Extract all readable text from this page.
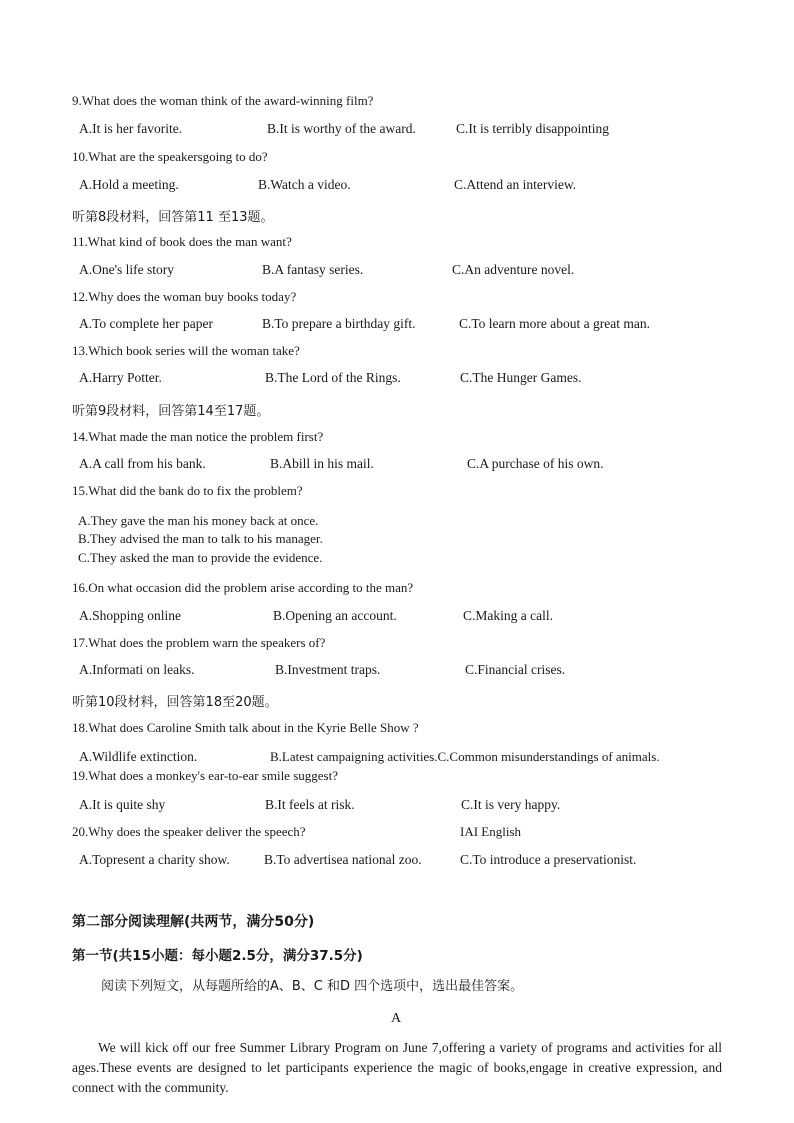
9.What does the woman think of the award-winning film?
A.It is her favorite.	B.It is worthy of the award.	C.It is terribly disappointing
10.What are the speakersgoing to do?
A.Hold a meeting.	B.Watch a video.	C.Attend an interview.
听第8段材料，回答第11 至13题。
11.What kind of book does the man want?
A.One's life story	B.A fantasy series.	C.An adventure novel.
12.Why does the woman buy books today?
A.To complete her paper	B.To prepare a birthday gift.	C.To learn more about a great man.
13.Which book series will the woman take?
A.Harry Potter.	B.The Lord of the Rings.	C.The Hunger Games.
听第9段材料，回答第14至17题。
14.What made the man notice the problem first?
A.A call from his bank.	B.Abill in his mail.	C.A purchase of his own.
15.What did the bank do to fix the problem?
A.They gave the man his money back at once.
B.They advised the man to talk to his manager.
C.They asked the man to provide the evidence.
16.On what occasion did the problem arise according to the man?
A.Shopping online	B.Opening an account.	C.Making a call.
17.What does the problem warn the speakers of?
A.Informati on leaks.	B.Investment traps.	C.Financial crises.
听第10段材料，回答第18至20题。
18.What does Caroline Smith talk about in the Kyrie Belle Show ?
A.Wildlife extinction.	B.Latest campaigning activities.C.Common misunderstandings of animals.
19.What does a monkey's ear-to-ear smile suggest?
A.It is quite shy	B.It feels at risk.	C.It is very happy.
20.Why does the speaker deliver the speech?	IAI English
A.Topresent a charity show.	B.To advertisea national zoo.	C.To introduce a preservationist.
第二部分阅读理解(共两节，满分50分)
第一节(共15小题：每小题2.5分，满分37.5分)
阅读下列短文，从每题所给的A、B、C 和D 四个选项中，选出最佳答案。
A
We will kick off our free Summer Library Program on June 7,offering a variety of programs and activities for all ages.These events are designed to let participants experience the magic of books,engage in creative expression, and connect with the community.
